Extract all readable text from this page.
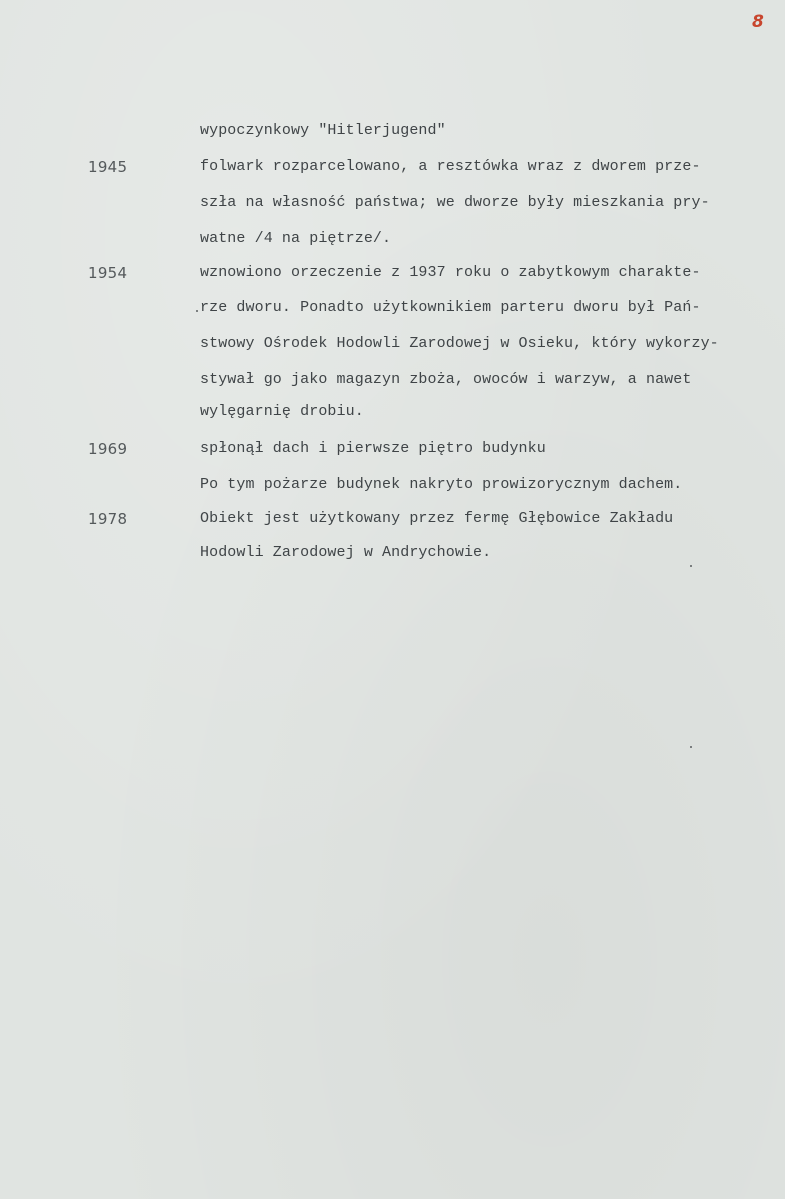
8
wypoczynkowy "Hitlerjugend"
1945	folwark rozparcelowano, a resztówka wraz z dworem prze-
szła na własność państwa; we dworze były mieszkania pry-
watne /4 na piętrze/.
1954	wznowiono orzeczenie z 1937 roku o zabytkowym charakte-
rze dworu. Ponadto użytkownikiem parteru dworu był Pań-
stwowy Ośrodek Hodowli Zarodowej w Osieku, który wykorzy-
stywał go jako magazyn zboża, owoców i warzyw, a nawet
wylęgarnię drobiu.
1969	spłonął dach i pierwsze piętro budynku
Po tym pożarze budynek nakryto prowizorycznym dachem.
1978	Obiekt jest użytkowany przez fermę Głębowice Zakładu
Hodowli Zarodowej w Andrychowie.
